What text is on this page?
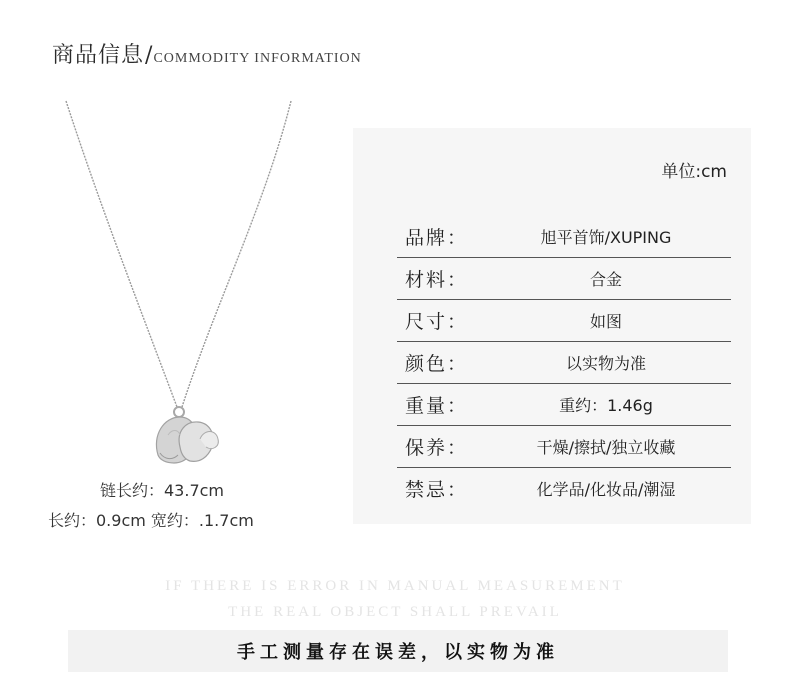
商品信息 / COMMODITY INFORMATION
链长约：43.7cm
长约：0.9cm 宽约：.1.7cm
单位:cm
品牌：	旭平首饰/XUPING
材料：	合金
尺寸：	如图
颜色：	以实物为准
重量：	重约：1.46g
保养：	干燥/擦拭/独立收藏
禁忌：	化学品/化妆品/潮湿
IF THERE IS ERROR IN MANUAL MEASUREMENT
THE REAL OBJECT SHALL PREVAIL
手工测量存在误差，以实物为准
